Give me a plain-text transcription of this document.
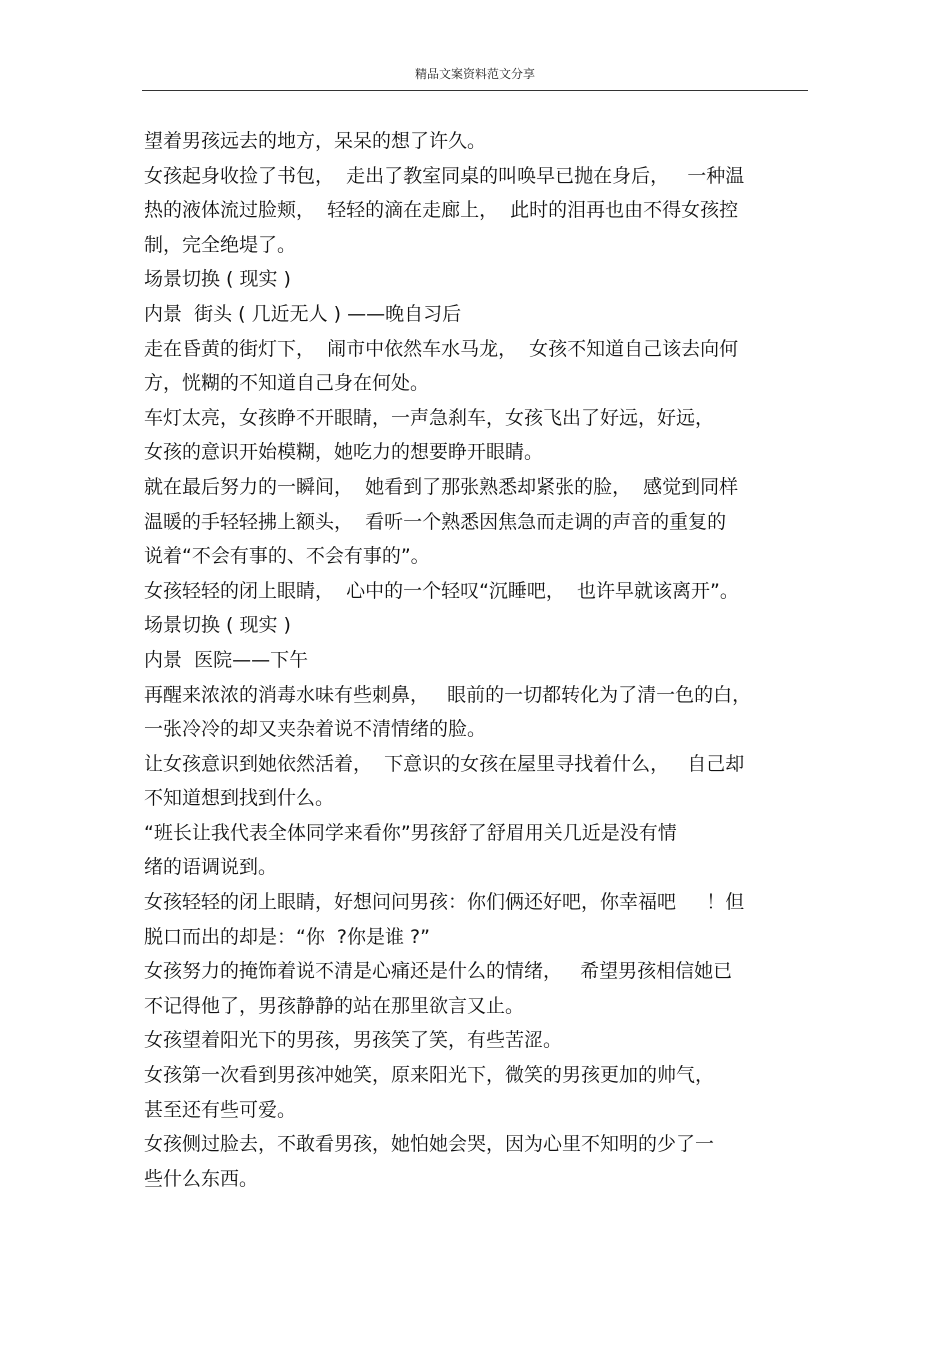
精品文案资料范文分享
望着男孩远去的地方，呆呆的想了许久。
女孩起身收捡了书包，  走出了教室同桌的叫唤早已抛在身后，   一种温
热的液体流过脸颊，  轻轻的滴在走廊上，  此时的泪再也由不得女孩控
制，完全绝堤了。
场景切换 ( 现实 )
内景  街头 ( 几近无人 ) ——晚自习后
走在昏黄的街灯下，  闹市中依然车水马龙，  女孩不知道自己该去向何
方，恍糊的不知道自己身在何处。
车灯太亮，女孩睁不开眼睛，一声急刹车，女孩飞出了好远，好远，
女孩的意识开始模糊，她吃力的想要睁开眼睛。
就在最后努力的一瞬间，  她看到了那张熟悉却紧张的脸，  感觉到同样
温暖的手轻轻拂上额头，  看听一个熟悉因焦急而走调的声音的重复的
说着“不会有事的、不会有事的”。
女孩轻轻的闭上眼睛，  心中的一个轻叹“沉睡吧，  也许早就该离开”。
场景切换 ( 现实 )
内景  医院——下午
再醒来浓浓的消毒水味有些刺鼻，   眼前的一切都转化为了清一色的白，
一张冷冷的却又夹杂着说不清情绪的脸。
让女孩意识到她依然活着，  下意识的女孩在屋里寻找着什么，   自己却
不知道想到找到什么。
“班长让我代表全体同学来看你”男孩舒了舒眉用关几近是没有情
绪的语调说到。
女孩轻轻的闭上眼睛，好想问问男孩：你们俩还好吧，你幸福吧     ！但
脱口而出的却是：“你  ?你是谁 ?”
女孩努力的掩饰着说不清是心痛还是什么的情绪，   希望男孩相信她已
不记得他了，男孩静静的站在那里欲言又止。
女孩望着阳光下的男孩，男孩笑了笑，有些苦涩。
女孩第一次看到男孩冲她笑，原来阳光下，微笑的男孩更加的帅气，
甚至还有些可爱。
女孩侧过脸去，不敢看男孩，她怕她会哭，因为心里不知明的少了一
些什么东西。
